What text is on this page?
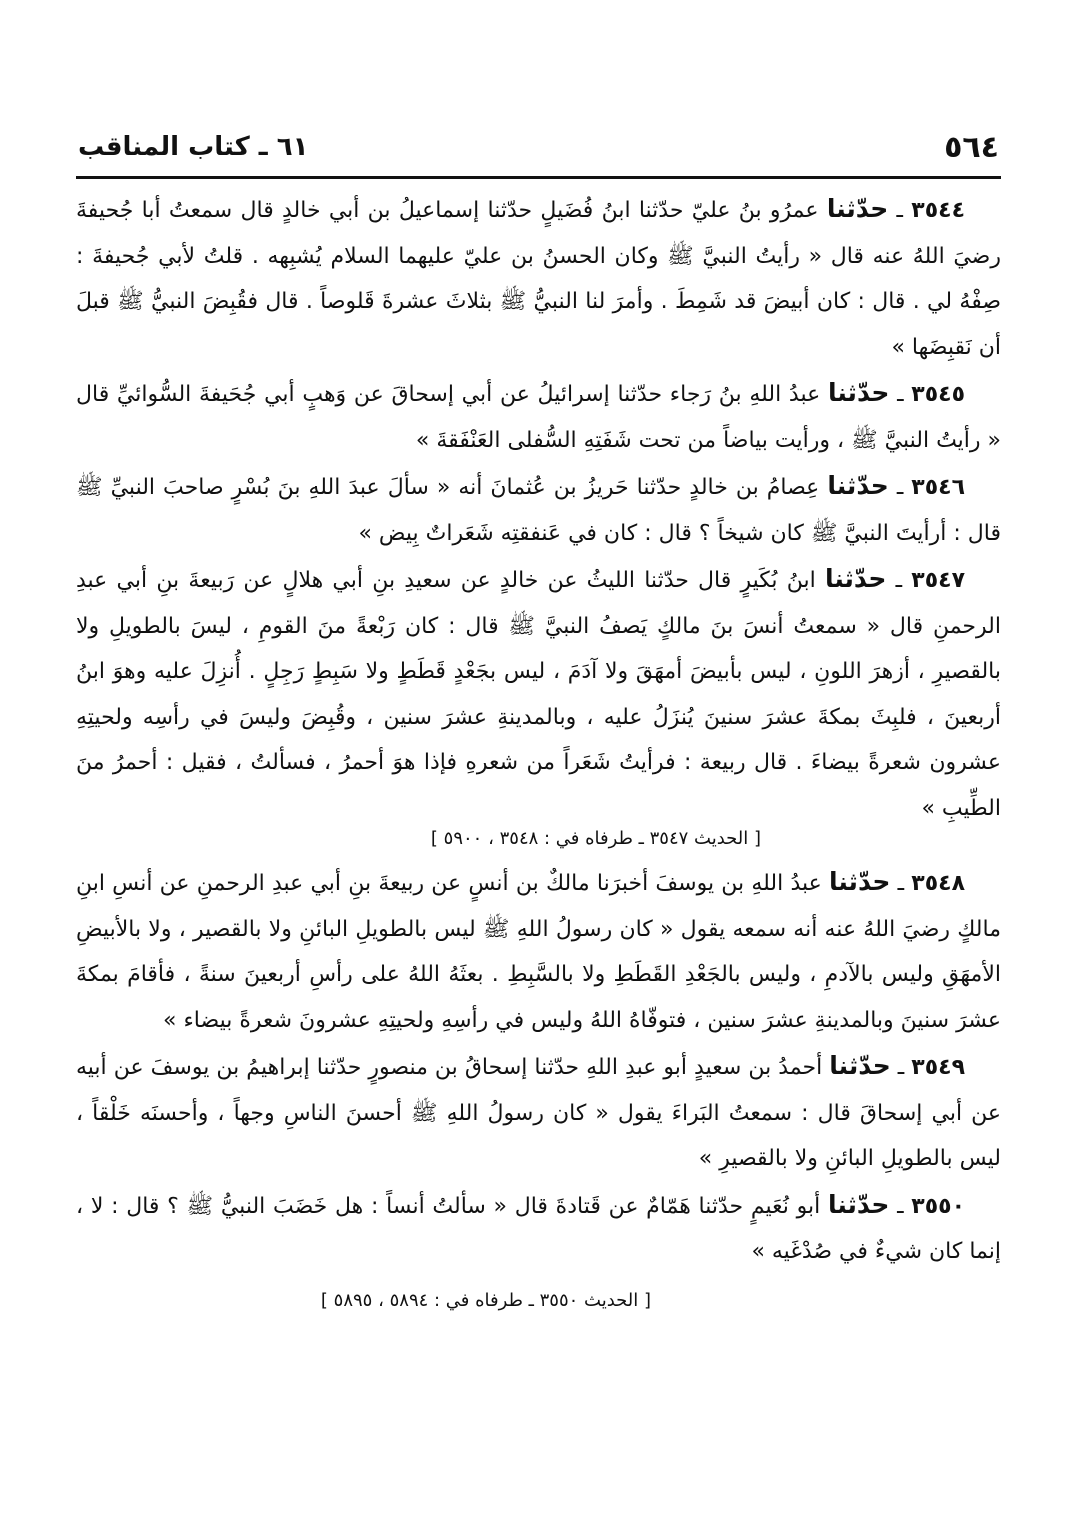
٥٦٤
٦١ ـ كتاب المناقب

٣٥٤٤ ـ حدّثنا عمرُو بنُ عليّ حدّثنا ابنُ فُضَيلٍ حدّثنا إسماعيلُ بن أبي خالدٍ قال سمعتُ أبا جُحيفةَ رضيَ اللهُ عنه قال « رأيتُ النبيَّ ﷺ وكان الحسنُ بن عليّ عليهما السلام يُشبِهه . قلتُ لأبي جُحيفةَ : صِفْهُ لي . قال : كان أبيضَ قد شَمِطَ . وأمرَ لنا النبيُّ ﷺ بثلاثَ عشرةَ قَلوصاً . قال فقُبِضَ النبيُّ ﷺ قبلَ أن نَقبِضَها »

٣٥٤٥ ـ حدّثنا عبدُ اللهِ بنُ رَجاء حدّثنا إسرائيلُ عن أبي إسحاقَ عن وَهبٍ أبي جُحَيفةَ السُّوائيِّ قال « رأيتُ النبيَّ ﷺ ، ورأيت بياضاً من تحت شَفَتِهِ السُّفلى العَنْفَقةَ »

٣٥٤٦ ـ حدّثنا عِصامُ بن خالدٍ حدّثنا حَريزُ بن عُثمانَ أنه « سألَ عبدَ اللهِ بنَ بُسْرٍ صاحبَ النبيِّ ﷺ قال : أرأيتَ النبيَّ ﷺ كان شيخاً ؟ قال : كان في عَنفقتِه شَعَراتٌ بِيض »

٣٥٤٧ ـ حدّثنا ابنُ بُكَيرٍ قال حدّثنا الليثُ عن خالدٍ عن سعيدِ بنِ أبي هلالٍ عن رَبيعةَ بنِ أبي عبدِ الرحمنِ قال « سمعتُ أنسَ بنَ مالكٍ يَصفُ النبيَّ ﷺ قال : كان رَبْعةً منَ القومِ ، ليسَ بالطويلِ ولا بالقصيرِ ، أزهرَ اللونِ ، ليس بأبيضَ أمهَقَ ولا آدَمَ ، ليس بجَعْدٍ قَطَطٍ ولا سَبِطٍ رَجِلٍ . أُنزِلَ عليه وهوَ ابنُ أربعينَ ، فلبِثَ بمكةَ عشرَ سنينَ يُنزَلُ عليه ، وبالمدينةِ عشرَ سنين ، وقُبِضَ وليسَ في رأسِه ولحيتِهِ عشرون شعرةً بيضاءَ . قال ربيعة : فرأيتُ شَعَراً من شعرهِ فإذا هوَ أحمرُ ، فسألتُ ، فقيل : أحمرُ منَ الطِّيبِ »

[ الحديث ٣٥٤٧ ـ طرفاه في : ٣٥٤٨ ، ٥٩٠٠ ]

٣٥٤٨ ـ حدّثنا عبدُ اللهِ بن يوسفَ أخبرَنا مالكٌ بن أنسٍ عن ربيعةَ بنِ أبي عبدِ الرحمنِ عن أنسِ ابنِ مالكٍ رضيَ اللهُ عنه أنه سمعه يقول « كان رسولُ اللهِ ﷺ ليس بالطويلِ البائنِ ولا بالقصير ، ولا بالأبيضِ الأمهَقِ وليس بالآدمِ ، وليس بالجَعْدِ القَطَطِ ولا بالسَّبِطِ . بعثَهُ اللهُ على رأسِ أربعينَ سنةً ، فأقامَ بمكةَ عشرَ سنينَ وبالمدينةِ عشرَ سنين ، فتوفّاهُ اللهُ وليس في رأسِهِ ولحيتِهِ عشرونَ شعرةً بيضاء »

٣٥٤٩ ـ حدّثنا أحمدُ بن سعيدٍ أبو عبدِ اللهِ حدّثنا إسحاقُ بن منصورٍ حدّثنا إبراهيمُ بن يوسفَ عن أبيه عن أبي إسحاقَ قال : سمعتُ البَراءَ يقول « كان رسولُ اللهِ ﷺ أحسنَ الناسِ وجهاً ، وأحسنَه خَلْقاً ، ليس بالطويلِ البائنِ ولا بالقصيرِ »

٣٥٥٠ ـ حدّثنا أبو نُعَيمٍ حدّثنا هَمّامٌ عن قَتادةَ قال « سألتُ أنساً : هل خَضَبَ النبيُّ ﷺ ؟ قال : لا ، إنما كان شيءٌ في صُدْغَيه »

[ الحديث ٣٥٥٠ ـ طرفاه في : ٥٨٩٤ ، ٥٨٩٥ ]
